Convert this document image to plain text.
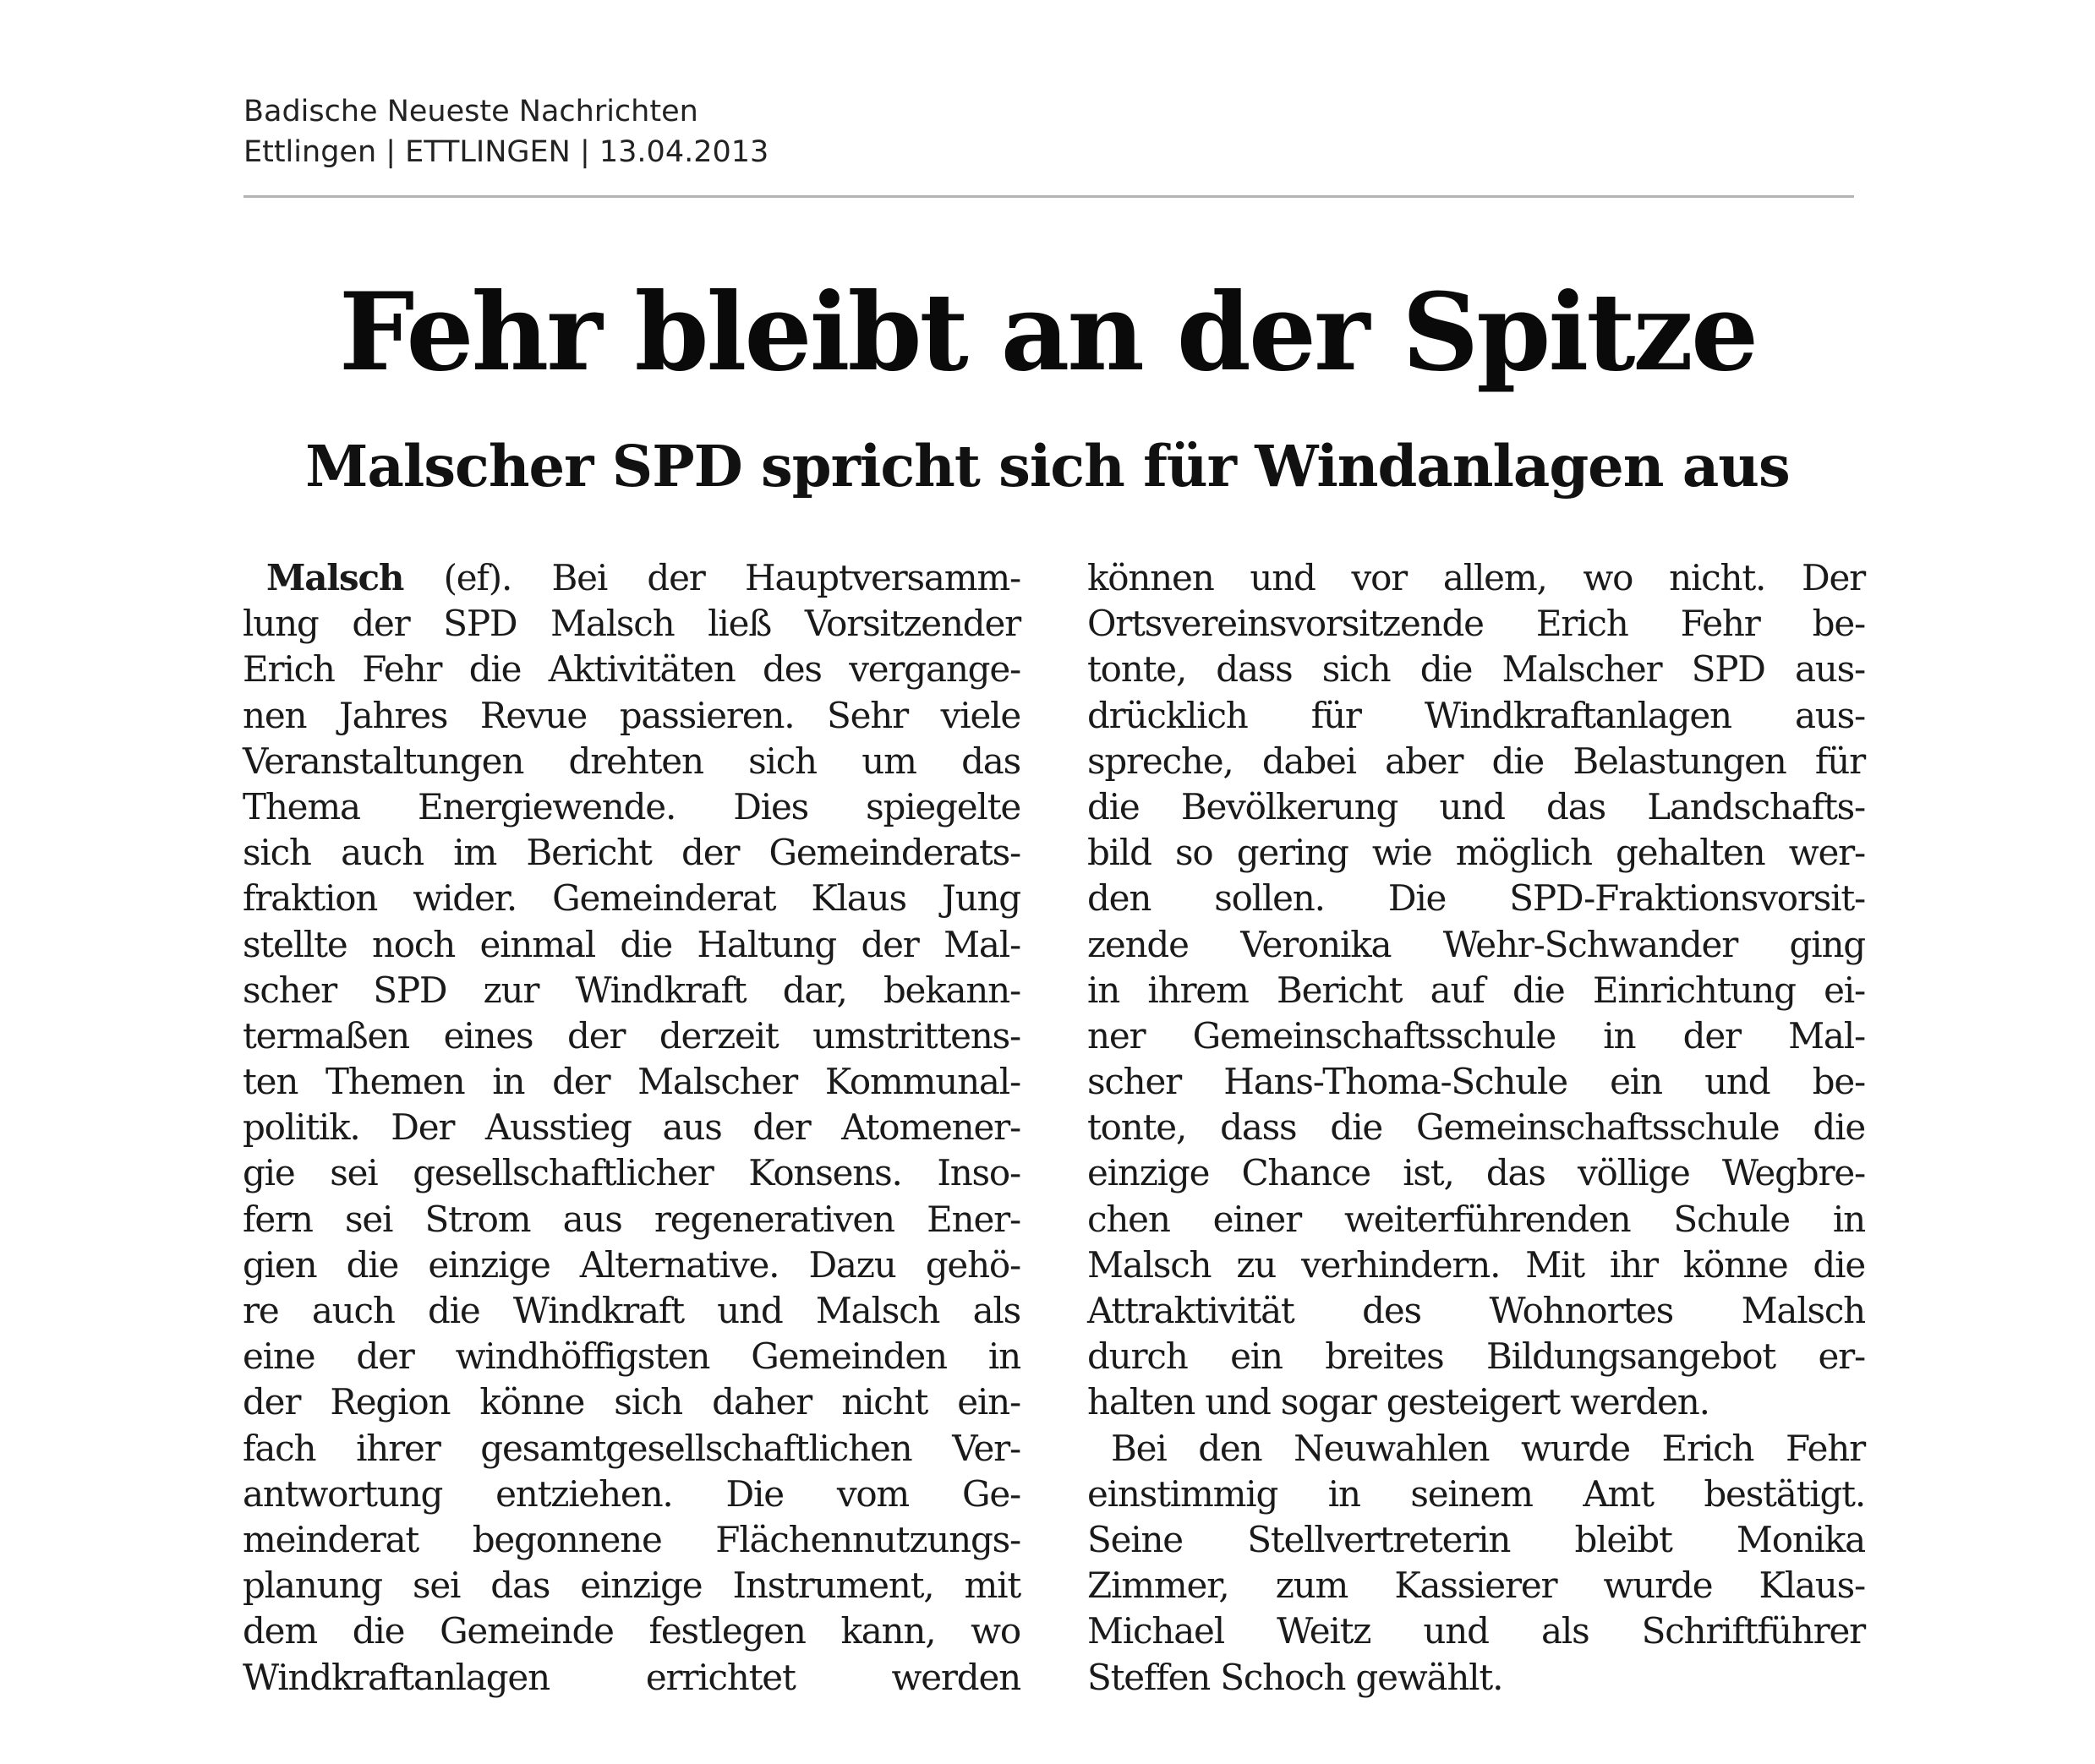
Badische Neueste Nachrichten
Ettlingen | ETTLINGEN | 13.04.2013
Fehr bleibt an der Spitze
Malscher SPD spricht sich für Windanlagen aus
Malsch (ef). Bei der Hauptversamm-
lung der SPD Malsch ließ Vorsitzender
Erich Fehr die Aktivitäten des vergange-
nen Jahres Revue passieren. Sehr viele
Veranstaltungen drehten sich um das
Thema Energiewende. Dies spiegelte
sich auch im Bericht der Gemeinderats-
fraktion wider. Gemeinderat Klaus Jung
stellte noch einmal die Haltung der Mal-
scher SPD zur Windkraft dar, bekann-
termaßen eines der derzeit umstrittens-
ten Themen in der Malscher Kommunal-
politik. Der Ausstieg aus der Atomener-
gie sei gesellschaftlicher Konsens. Inso-
fern sei Strom aus regenerativen Ener-
gien die einzige Alternative. Dazu gehö-
re auch die Windkraft und Malsch als
eine der windhöffigsten Gemeinden in
der Region könne sich daher nicht ein-
fach ihrer gesamtgesellschaftlichen Ver-
antwortung entziehen. Die vom Ge-
meinderat begonnene Flächennutzungs-
planung sei das einzige Instrument, mit
dem die Gemeinde festlegen kann, wo
Windkraftanlagen errichtet werden
können und vor allem, wo nicht. Der
Ortsvereinsvorsitzende Erich Fehr be-
tonte, dass sich die Malscher SPD aus-
drücklich für Windkraftanlagen aus-
spreche, dabei aber die Belastungen für
die Bevölkerung und das Landschafts-
bild so gering wie möglich gehalten wer-
den sollen. Die SPD-Fraktionsvorsit-
zende Veronika Wehr-Schwander ging
in ihrem Bericht auf die Einrichtung ei-
ner Gemeinschaftsschule in der Mal-
scher Hans-Thoma-Schule ein und be-
tonte, dass die Gemeinschaftsschule die
einzige Chance ist, das völlige Wegbre-
chen einer weiterführenden Schule in
Malsch zu verhindern. Mit ihr könne die
Attraktivität des Wohnortes Malsch
durch ein breites Bildungsangebot er-
halten und sogar gesteigert werden.
Bei den Neuwahlen wurde Erich Fehr
einstimmig in seinem Amt bestätigt.
Seine Stellvertreterin bleibt Monika
Zimmer, zum Kassierer wurde Klaus-
Michael Weitz und als Schriftführer
Steffen Schoch gewählt.
